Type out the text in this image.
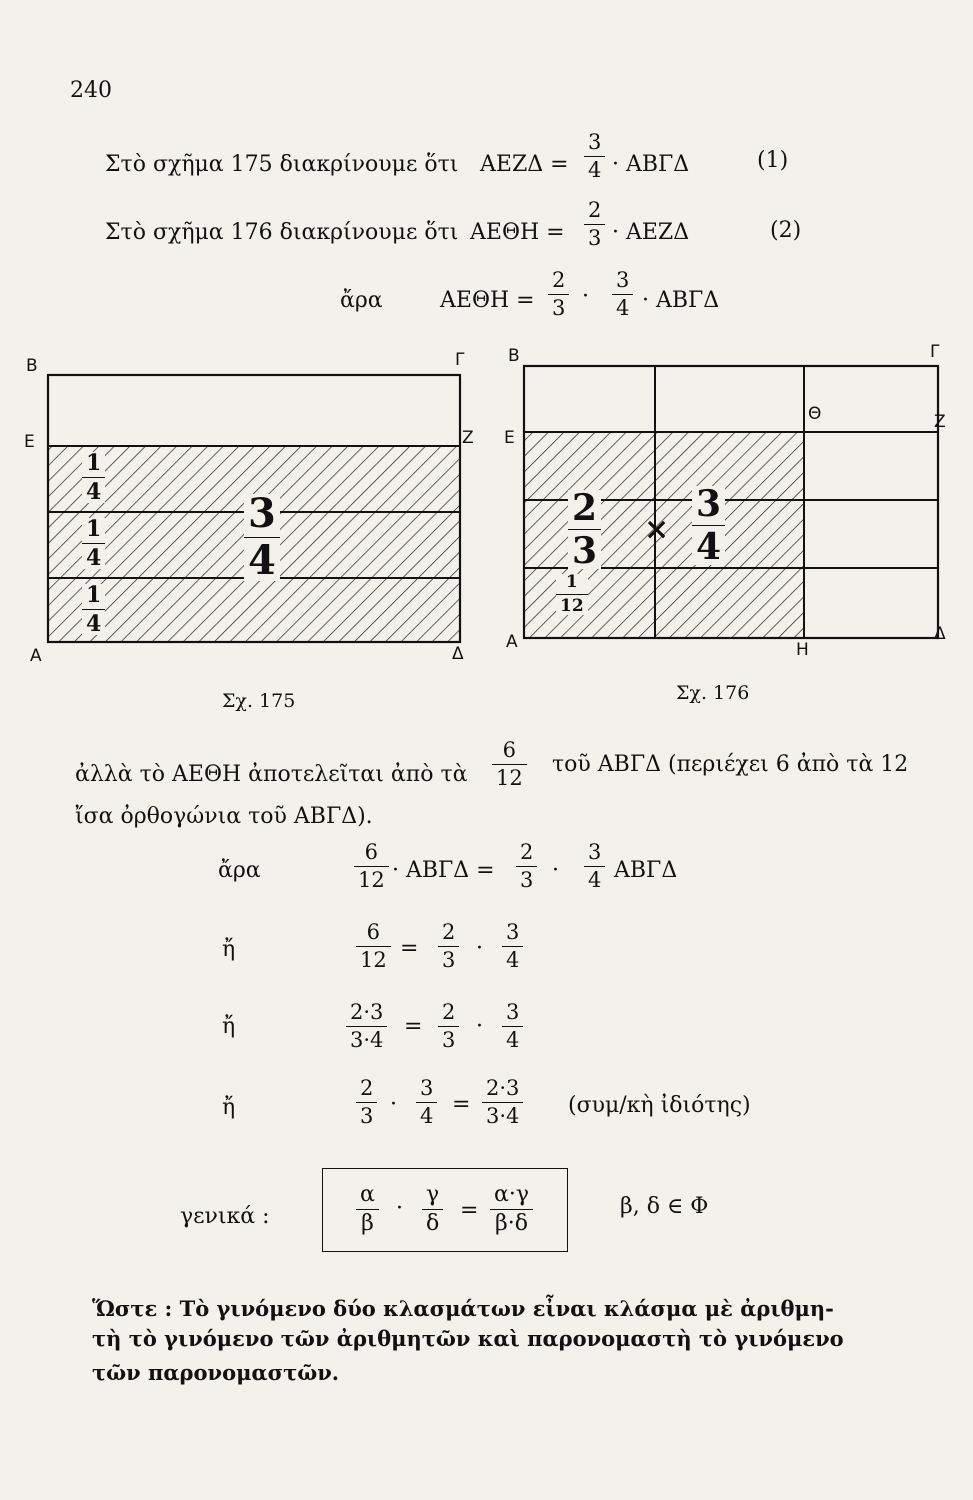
240
Στὸ σχῆμα 175 διακρίνουμε ὅτι $AEZ\Delta = \frac{3}{4} \cdot AB\Gamma\Delta$	(1)
Στὸ σχῆμα 176 διακρίνουμε ὅτι $AE\Theta H = \frac{2}{3} \cdot AEZ\Delta$	(2)
ἄρα	$AE\Theta H = \frac{2}{3} \cdot \frac{3}{4} \cdot AB\Gamma\Delta$
Β	Γ
Ε	Ζ
Α	Δ
$\frac{1}{4}$
$\frac{1}{4}$
$\frac{1}{4}$
$\frac{3}{4}$
Σχ. 175
Β	Γ
Ε
Θ	Ζ
Α	Η
Δ
$\frac{2}{3} \times \frac{3}{4}$
$\frac{1}{12}$
Σχ. 176
ἀλλὰ τὸ ΑΕΘΗ ἀποτελεῖται ἀπὸ τὰ $\frac{6}{12}$ τοῦ ΑΒΓΔ (περιέχει 6 ἀπὸ τὰ 12
ἴσα ὀρθογώνια τοῦ ΑΒΓΔ).
ἄρα	$\frac{6}{12} \cdot AB\Gamma\Delta = \frac{2}{3} \cdot \frac{3}{4}$ ΑΒΓΔ
ἤ	$\frac{6}{12} = \frac{2}{3} \cdot \frac{3}{4}$
ἤ	$\frac{2\cdot 3}{3\cdot 4} = \frac{2}{3} \cdot \frac{3}{4}$
ἤ	$\frac{2}{3} \cdot \frac{3}{4} = \frac{2\cdot 3}{3\cdot 4}$ (συμ/κὴ ἰδιότης)
γενικά :	$\frac{\alpha}{\beta} \cdot \frac{\gamma}{\delta} = \frac{\alpha\cdot\gamma}{\beta\cdot\delta}$	β, δ ∈ Φ
Ὥστε : Τὸ γινόμενο δύο κλασμάτων εἶναι κλάσμα μὲ ἀριθμη-
τὴ τὸ γινόμενο τῶν ἀριθμητῶν καὶ παρονομαστὴ τὸ γινόμενο
τῶν παρονομαστῶν.
